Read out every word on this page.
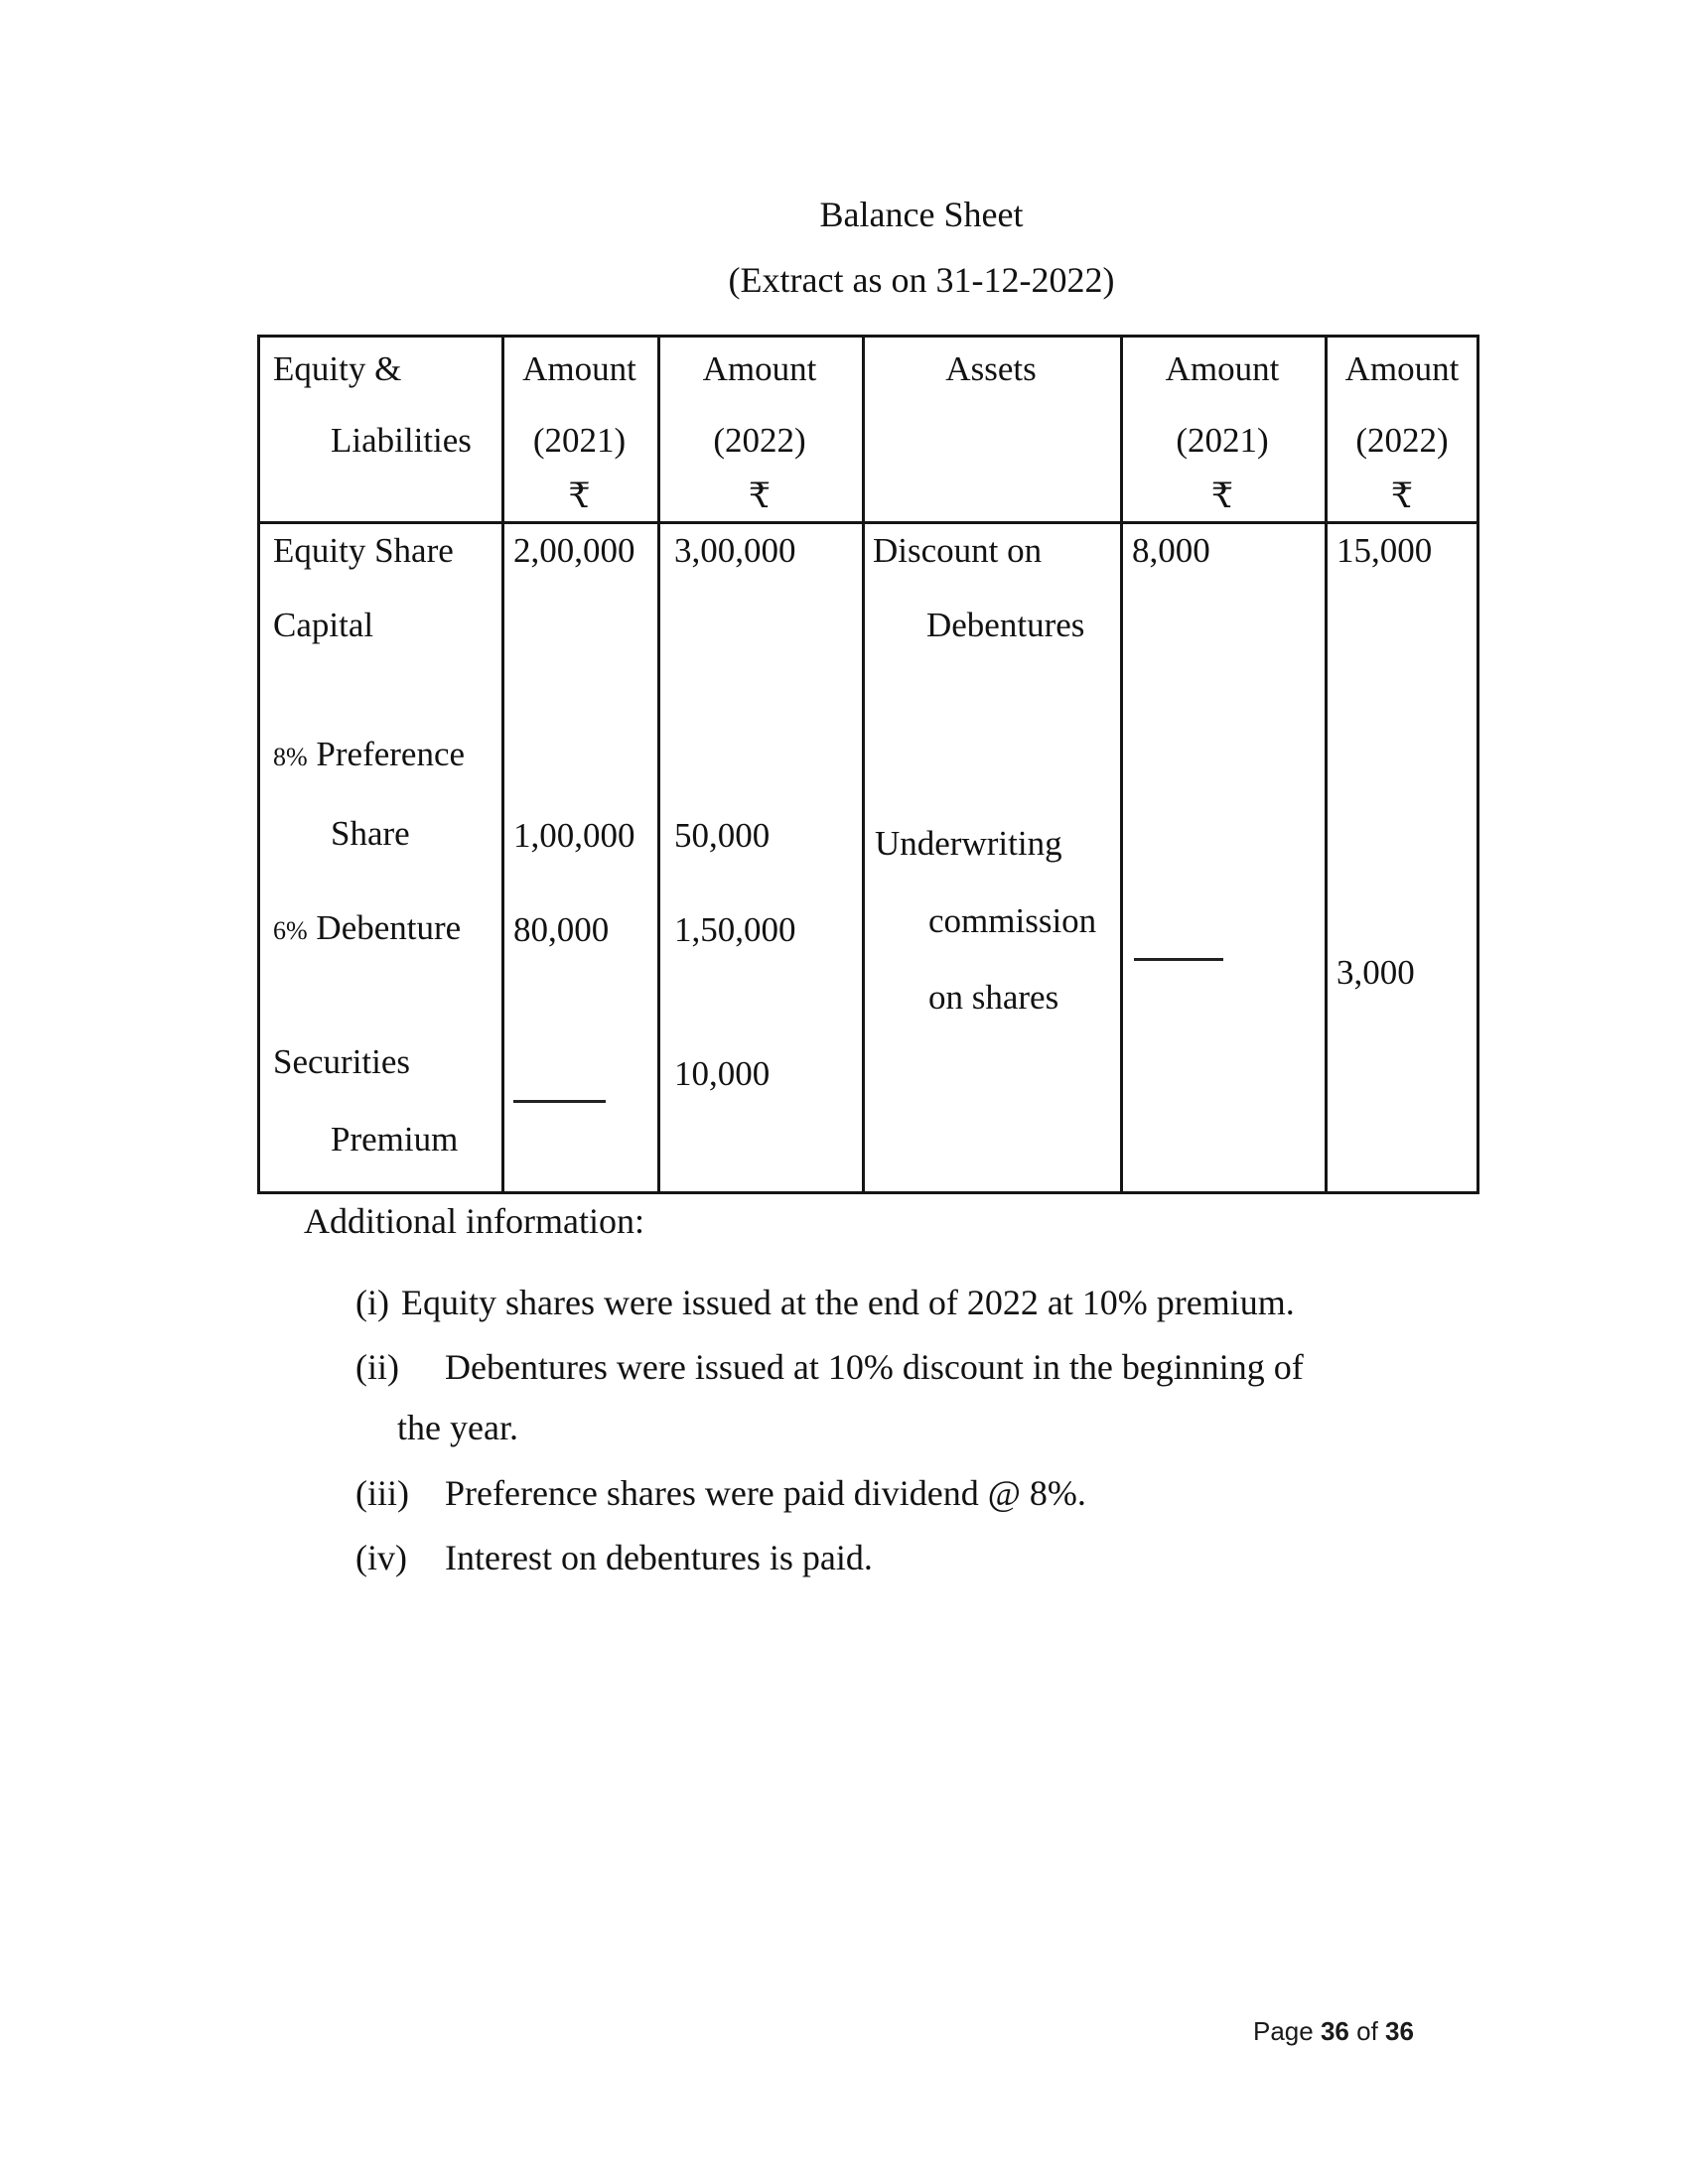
Balance Sheet
(Extract as on 31-12-2022)
Equity &
Liabilities
Amount
(2021)
₹
Amount
(2022)
₹
Assets	Amount
(2021)
₹
Amount
(2022)
₹
Equity Share
Capital
8% Preference
Share
6% Debenture
Securities
Premium
2,00,000
1,00,000
80,000
3,00,000
50,000
1,50,000
10,000
Discount on
Debentures
Underwriting
commission
on shares
8,000	15,000
3,000
Additional information:
(i) Equity shares were issued at the end of 2022 at 10% premium.
(ii) Debentures were issued at 10% discount in the beginning of
the year.
(iii) Preference shares were paid dividend @ 8%.
(iv) Interest on debentures is paid.
Page 36 of 36
